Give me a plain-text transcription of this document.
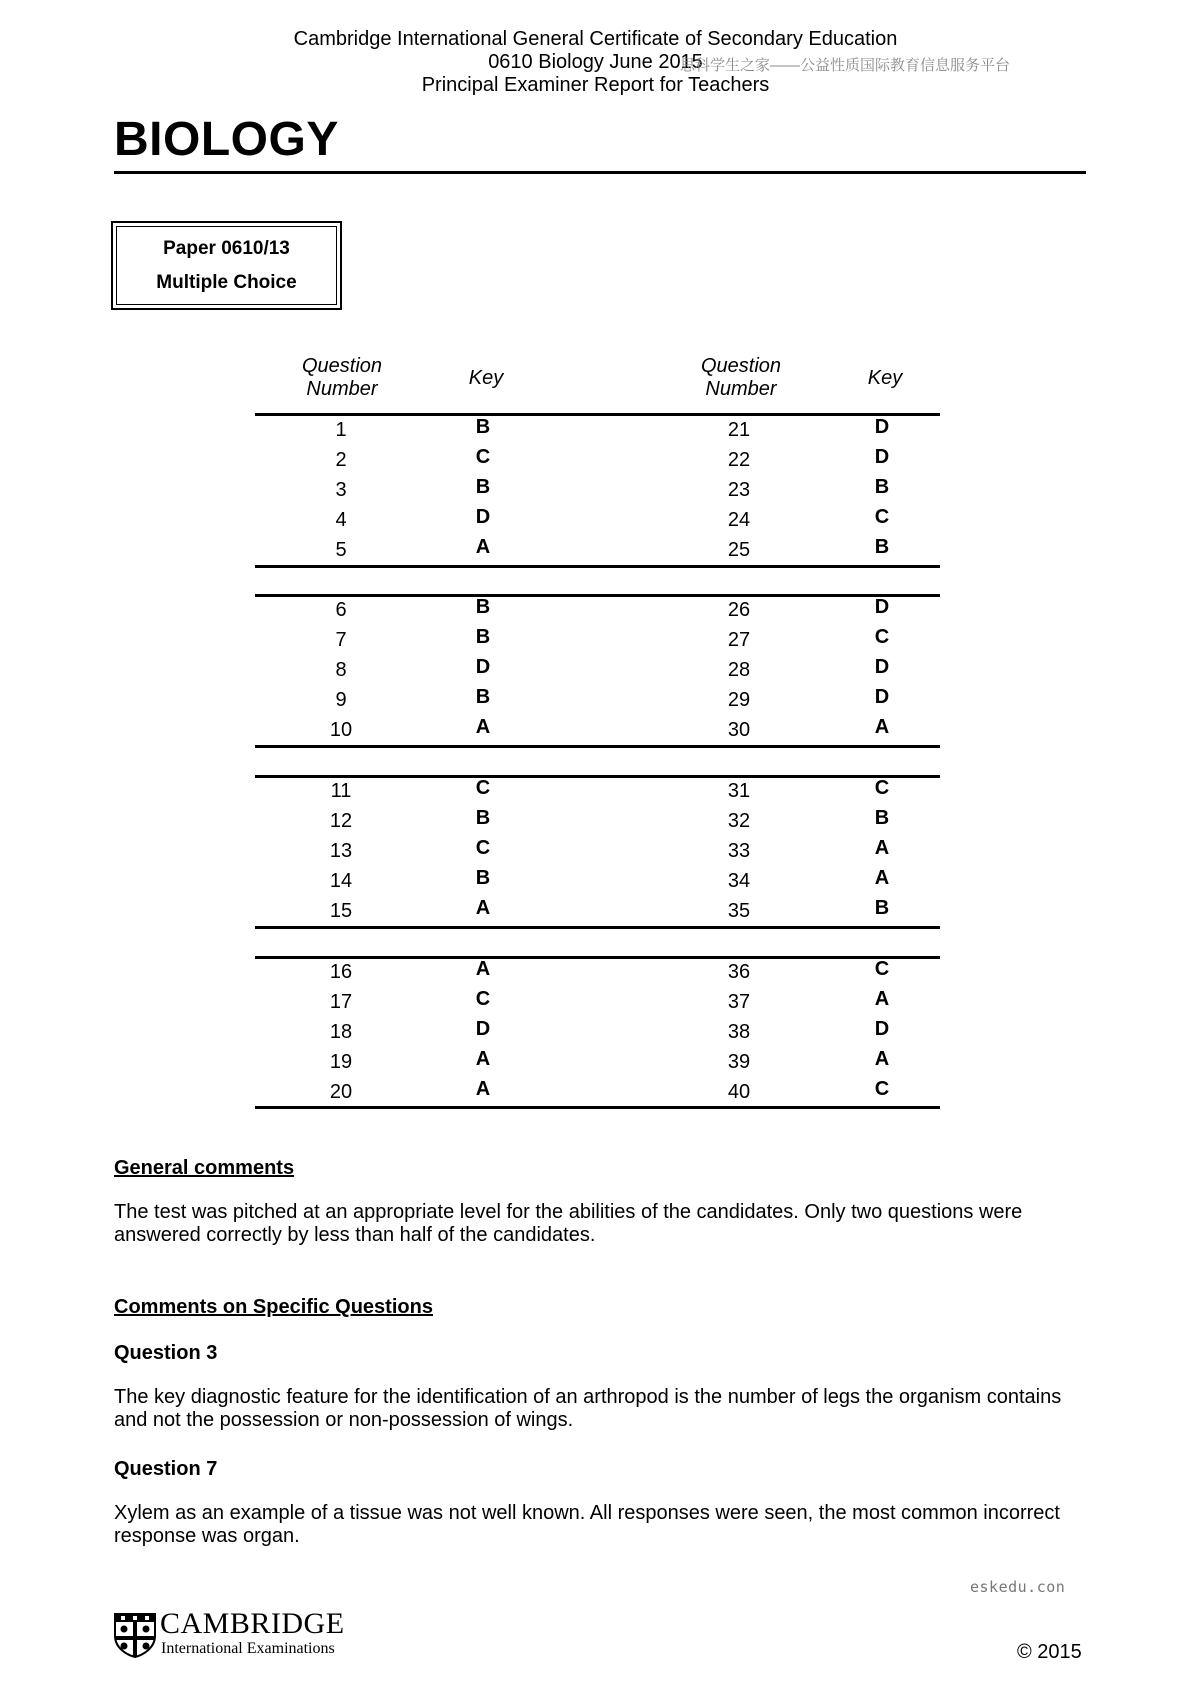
Cambridge International General Certificate of Secondary Education
0610 Biology June 2015
Principal Examiner Report for Teachers
思科学生之家——公益性质国际教育信息服务平台
BIOLOGY
Paper 0610/13
Multiple Choice
Question
Number	Key
Question
Number	Key
1	B	21	D
2	C	22	D
3	B	23	B
4	D	24	C
5	A	25	B
6	B	26	D
7	B	27	C
8	D	28	D
9	B	29	D
10	A	30	A
11	C	31	C
12	B	32	B
13	C	33	A
14	B	34	A
15	A	35	B
16	A	36	C
17	C	37	A
18	D	38	D
19	A	39	A
20	A	40	C
General comments
The test was pitched at an appropriate level for the abilities of the candidates. Only two questions were
answered correctly by less than half of the candidates.
Comments on Specific Questions
Question 3
The key diagnostic feature for the identification of an arthropod is the number of legs the organism contains
and not the possession or non-possession of wings.
Question 7
Xylem as an example of a tissue was not well known. All responses were seen, the most common incorrect
response was organ.
eskedu.con
CAMBRIDGE
International Examinations	© 2015
